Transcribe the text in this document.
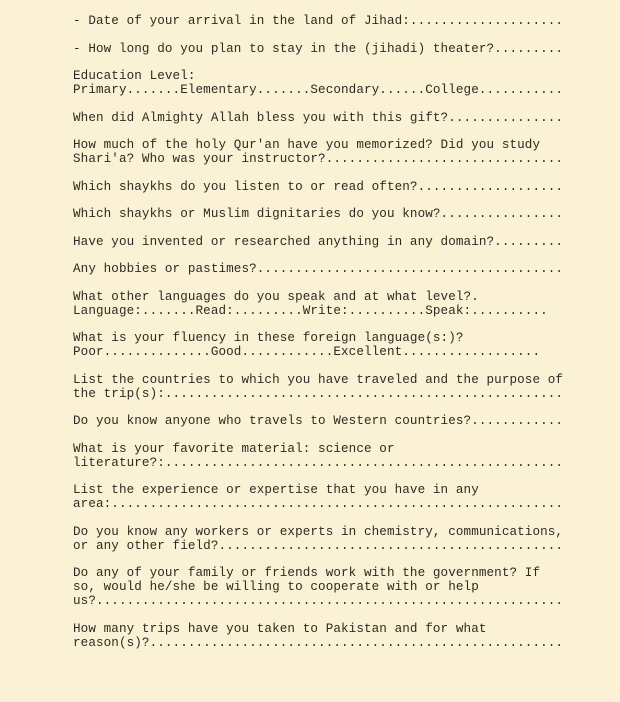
- Date of your arrival in the land of Jihad:....................
- How long do you plan to stay in the (jihadi) theater?.........
Education Level:
Primary.......Elementary.......Secondary......College...........
When did Almighty Allah bless you with this gift?...............
How much of the holy Qur'an have you memorized? Did you study
Shari'a? Who was your instructor?...............................
Which shaykhs do you listen to or read often?...................
Which shaykhs or Muslim dignitaries do you know?................
Have you invented or researched anything in any domain?.........
Any hobbies or pastimes?........................................
What other languages do you speak and at what level?.
Language:.......Read:.........Write:..........Speak:..........
What is your fluency in these foreign language(s:)?
Poor..............Good............Excellent..................
List the countries to which you have traveled and the purpose of
the trip(s):....................................................
Do you know anyone who travels to Western countries?............
What is your favorite material: science or
literature?:....................................................
List the experience or expertise that you have in any
area:...........................................................
Do you know any workers or experts in chemistry, communications,
or any other field?.............................................
Do any of your family or friends work with the government? If
so, would he/she be willing to cooperate with or help
us?.............................................................
How many trips have you taken to Pakistan and for what
reason(s)?......................................................
